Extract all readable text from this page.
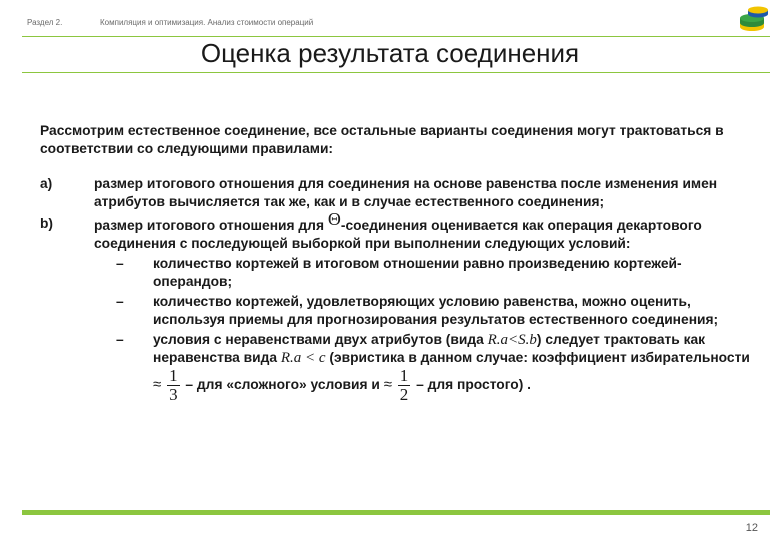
Раздел 2.	Компиляция и оптимизация. Анализ стоимости операций
Оценка результата соединения

Рассмотрим естественное соединение, все остальные варианты соединения могут трактоваться в соответствии со следующими правилами:

a)	размер итогового отношения для соединения на основе равенства после изменения имен атрибутов вычисляется так же, как и в случае естественного соединения;
b)	размер итогового отношения для Θ-соединения оценивается как операция декартового соединения с последующей выборкой при выполнении следующих условий:
– количество кортежей в итоговом отношении равно произведению кортежей-операндов;
– количество кортежей, удовлетворяющих условию равенства, можно оценить, используя приемы для прогнозирования результатов естественного соединения;
– условия с неравенствами двух атрибутов (вида R.a<S.b) следует трактовать как неравенства вида R.a < c (эвристика в данном случае: коэффициент избирательности ≈ $\frac{1}{3}$ – для «сложного» условия $и \approx \frac{1}{2}$ – для простого) .
12
